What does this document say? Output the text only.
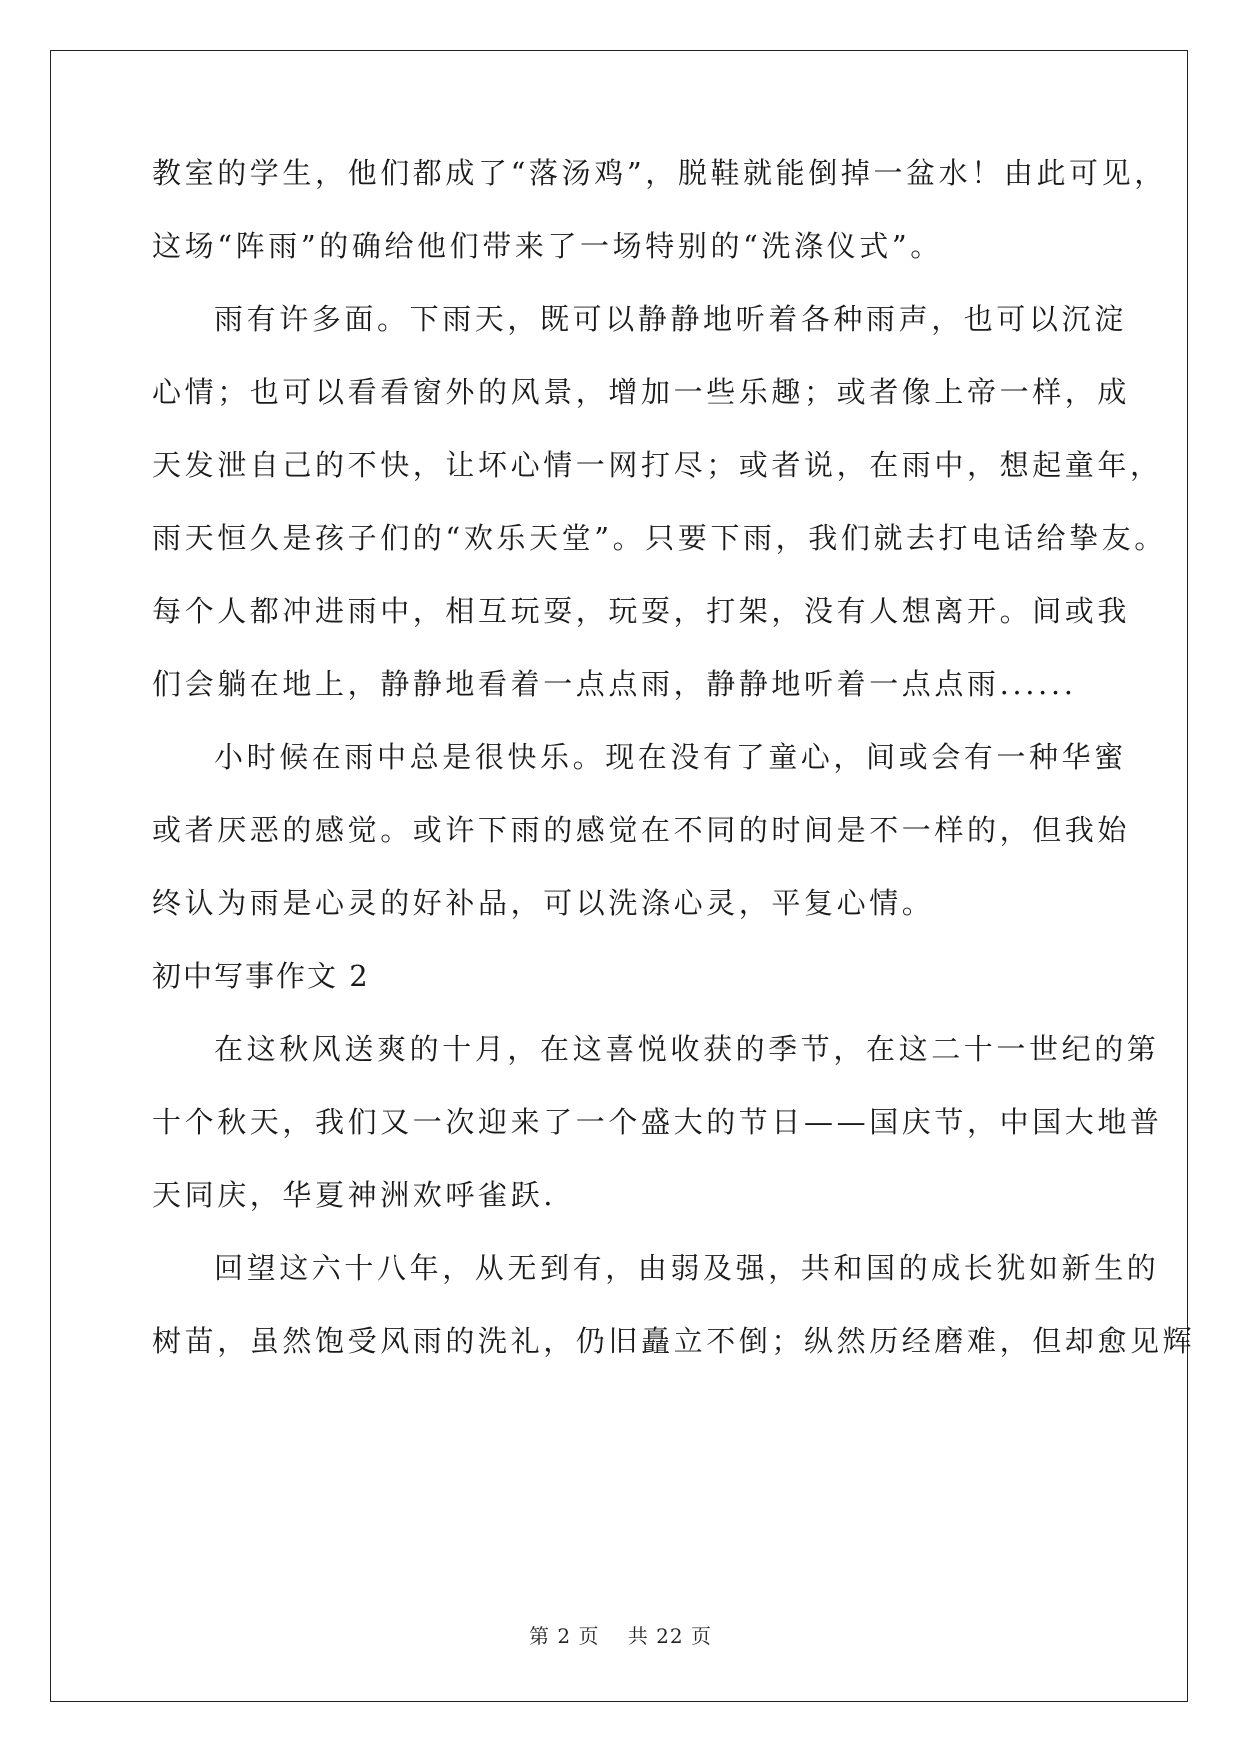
教室的学生，他们都成了“落汤鸡”，脱鞋就能倒掉一盆水！由此可见，
这场“阵雨”的确给他们带来了一场特别的“洗涤仪式”。
雨有许多面。下雨天，既可以静静地听着各种雨声，也可以沉淀
心情；也可以看看窗外的风景，增加一些乐趣；或者像上帝一样，成
天发泄自己的不快，让坏心情一网打尽；或者说，在雨中，想起童年，
雨天恒久是孩子们的“欢乐天堂”。只要下雨，我们就去打电话给挚友。
每个人都冲进雨中，相互玩耍，玩耍，打架，没有人想离开。间或我
们会躺在地上，静静地看着一点点雨，静静地听着一点点雨......
小时候在雨中总是很快乐。现在没有了童心，间或会有一种华蜜
或者厌恶的感觉。或许下雨的感觉在不同的时间是不一样的，但我始
终认为雨是心灵的好补品，可以洗涤心灵，平复心情。
初中写事作文 2
在这秋风送爽的十月，在这喜悦收获的季节，在这二十一世纪的第
十个秋天，我们又一次迎来了一个盛大的节日——国庆节，中国大地普
天同庆，华夏神洲欢呼雀跃.
回望这六十八年，从无到有，由弱及强，共和国的成长犹如新生的
树苗，虽然饱受风雨的洗礼，仍旧矗立不倒；纵然历经磨难，但却愈见辉
第 2 页　 共 22 页
